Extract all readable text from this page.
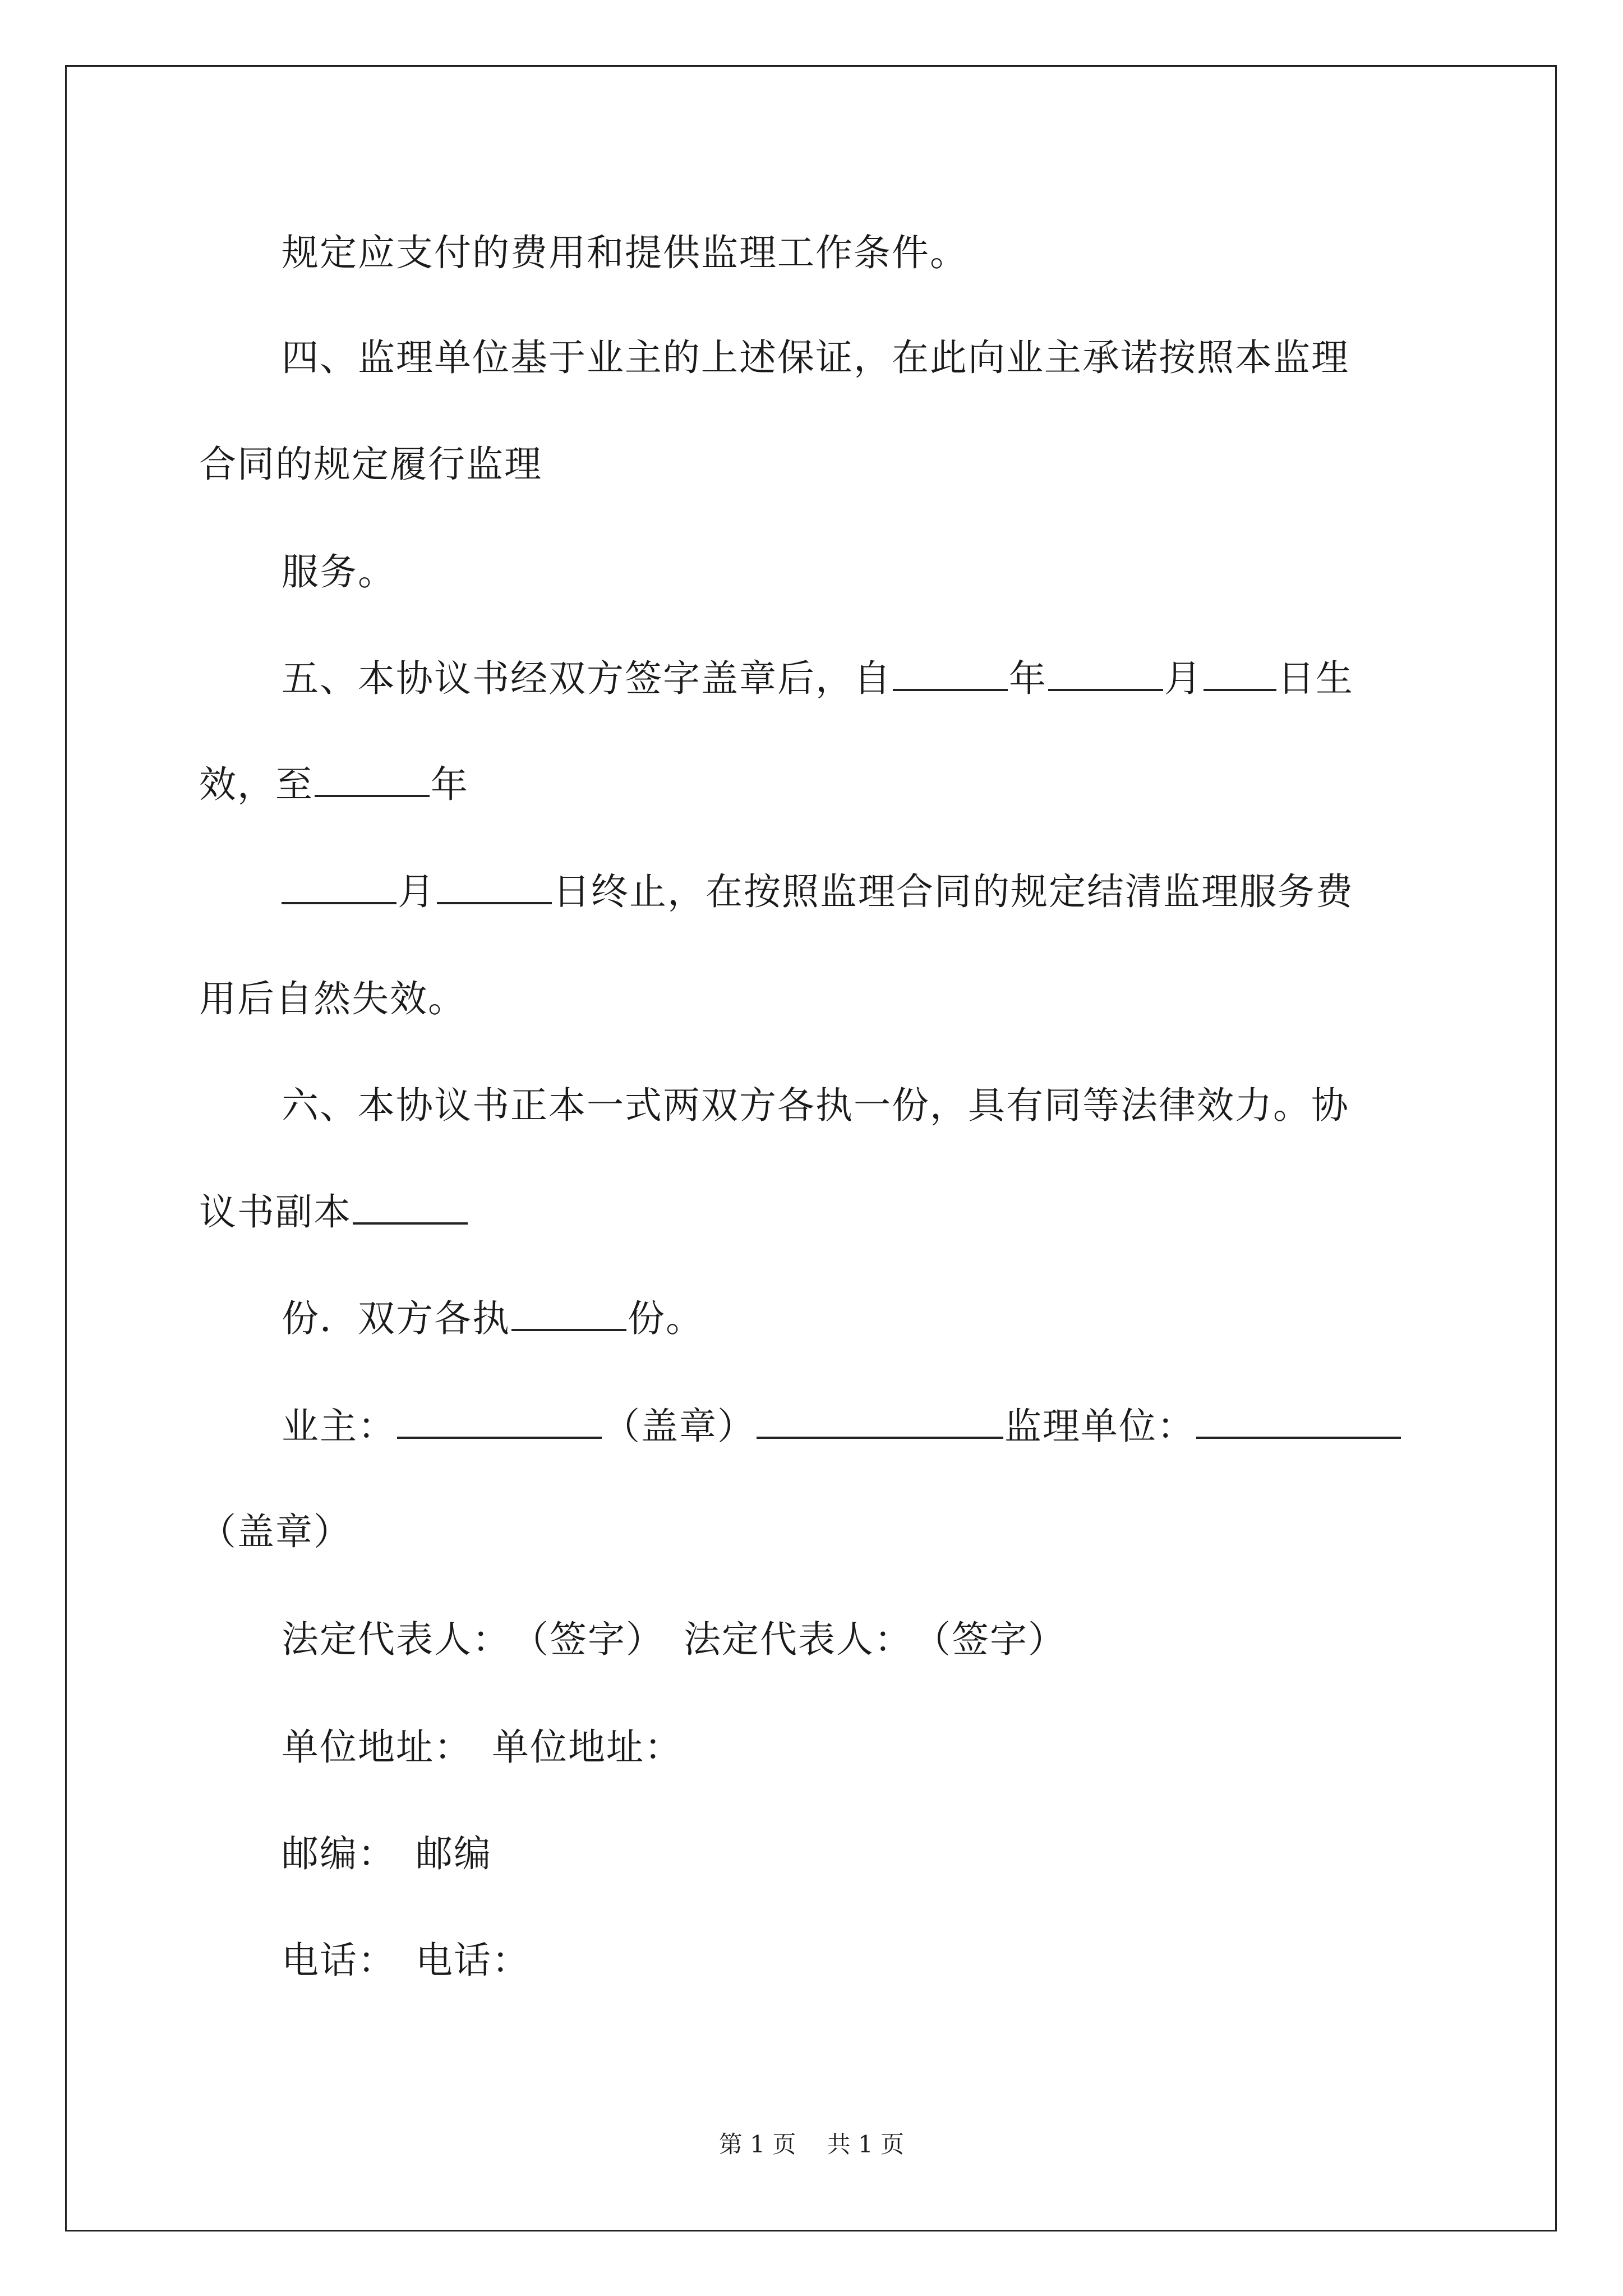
规定应支付的费用和提供监理工作条件。
四、监理单位基于业主的上述保证，在此向业主承诺按照本监理
合同的规定履行监理
服务。
五、本协议书经双方签字盖章后，自	年	月 日生
效，至	年
月	日终止，在按照监理合同的规定结清监理服务费
用后自然失效。
六、本协议书正本一式两双方各执一份，具有同等法律效力。协
议书副本
份．双方各执	份。
业主：	（盖章）	监理单位：
（盖章）
法定代表人：　（签字）　法定代表人：　（签字）
单位地址：　单位地址：
邮编：　邮编
电话：　电话：
第 1 页　 共 1 页
